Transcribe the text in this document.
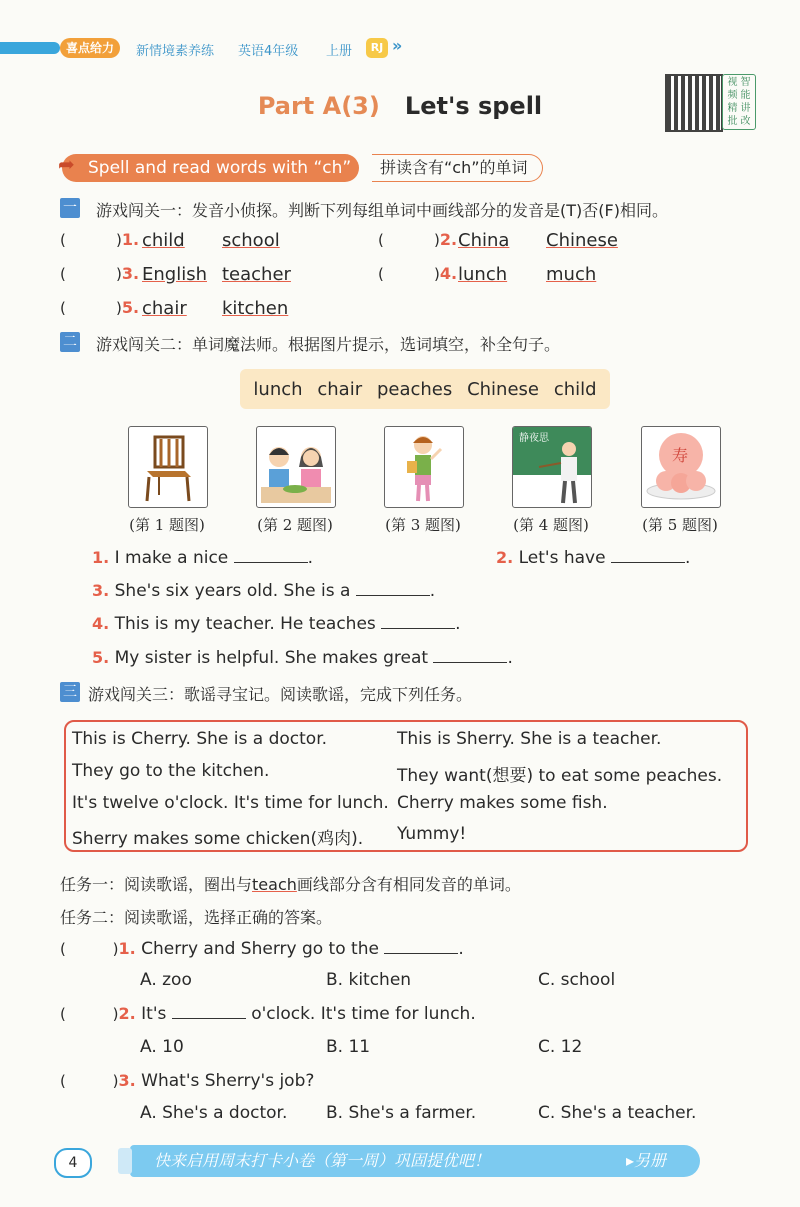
喜点给力	新情境素养练 英语4年级 上册	RJ »
Part A(3) Let's spell
视频智能精批讲改
Spell and read words with “ch”
➦	拼读含有“ch”的单词
一 游戏闯关一：发音小侦探。判断下列每组单词中画线部分的发音是(T)否(F)相同。
(	)1. child school	(	)2. China Chinese
(	)3. English teacher	(	)4. lunch much
(	)5. chair kitchen
二 游戏闯关二：单词魔法师。根据图片提示，选词填空，补全句子。
lunch chair peaches Chinese child
静夜思
寿
(第 1 题图)	(第 2 题图)	(第 3 题图)	(第 4 题图)	(第 5 题图)
1. I make a nice	.	2. Let's have	.
3. She's six years old. She is a	.
4. This is my teacher. He teaches	.
5. My sister is helpful. She makes great	.
三 游戏闯关三：歌谣寻宝记。阅读歌谣，完成下列任务。
This is Cherry. She is a doctor.
They go to the kitchen.
It's twelve o'clock. It's time for lunch.
Sherry makes some chicken(鸡肉).
This is Sherry. She is a teacher.
They want(想要) to eat some peaches.
Cherry makes some fish.
Yummy!
任务一：阅读歌谣，圈出与teach画线部分含有相同发音的单词。
任务二：阅读歌谣，选择正确的答案。
(	)1. Cherry and Sherry go to the	.
A. zoo	B. kitchen	C. school
(	)2. It's	o'clock. It's time for lunch.
A. 10	B. 11	C. 12
(	)3. What's Sherry's job?
A. She's a doctor. B. She's a farmer.	C. She's a teacher.
4	快来启用周末打卡小卷（第一周）巩固提优吧！	▸另册
